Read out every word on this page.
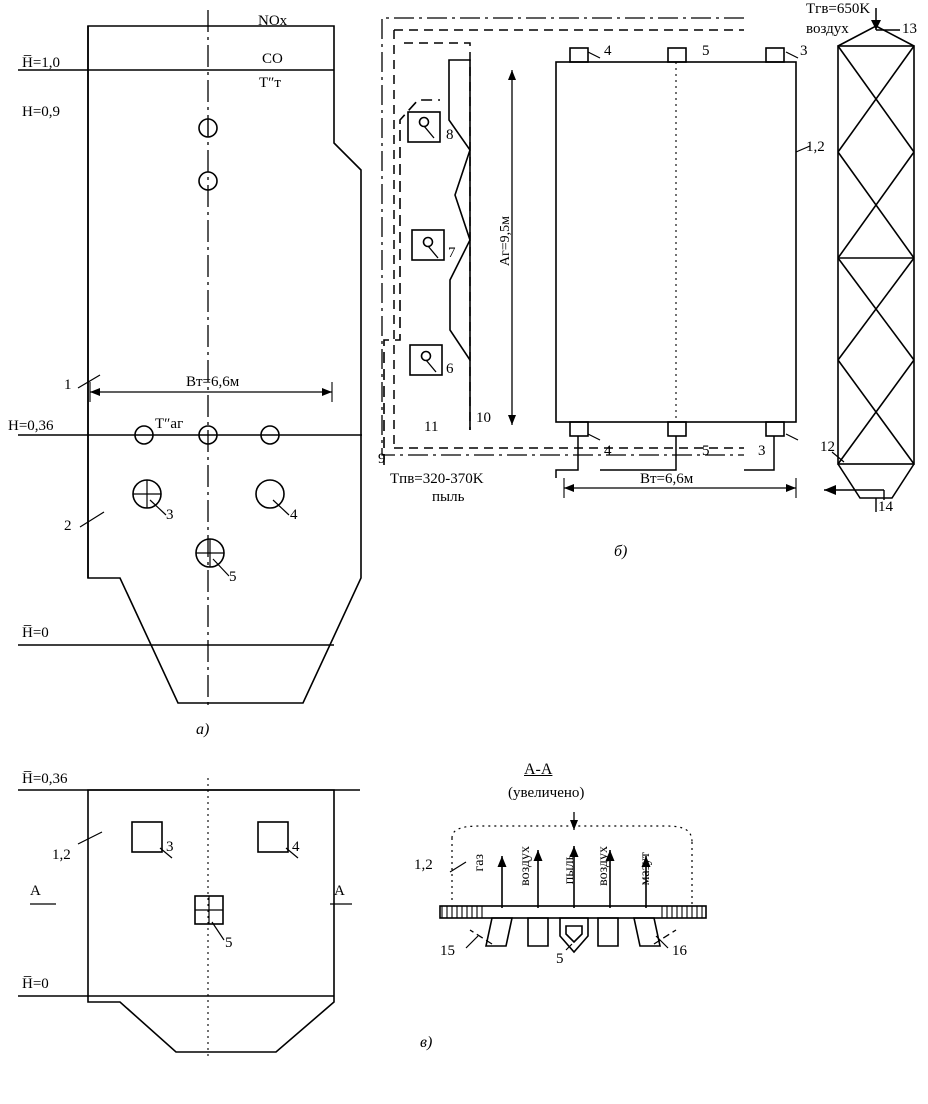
NOx
CO
T″т
H̅=1,0
H=0,9
H=0,36
H̅=0
T″аг
Bт=6,6м
1
2
3	4
5
а)
Tгв=650K
воздух	13
12
14
1,2
4	5	3
4	5	3
8
7
6
11
10
9
Tпв=320-370K
пыль
Bт=6,6м
Aг=9,5м
б)
H̅=0,36
H̅=0
1,2	3	4
5
A	A
в)
A-A
(увеличено)
1,2	газ воздух пыль воздух мазут
15	16
5
